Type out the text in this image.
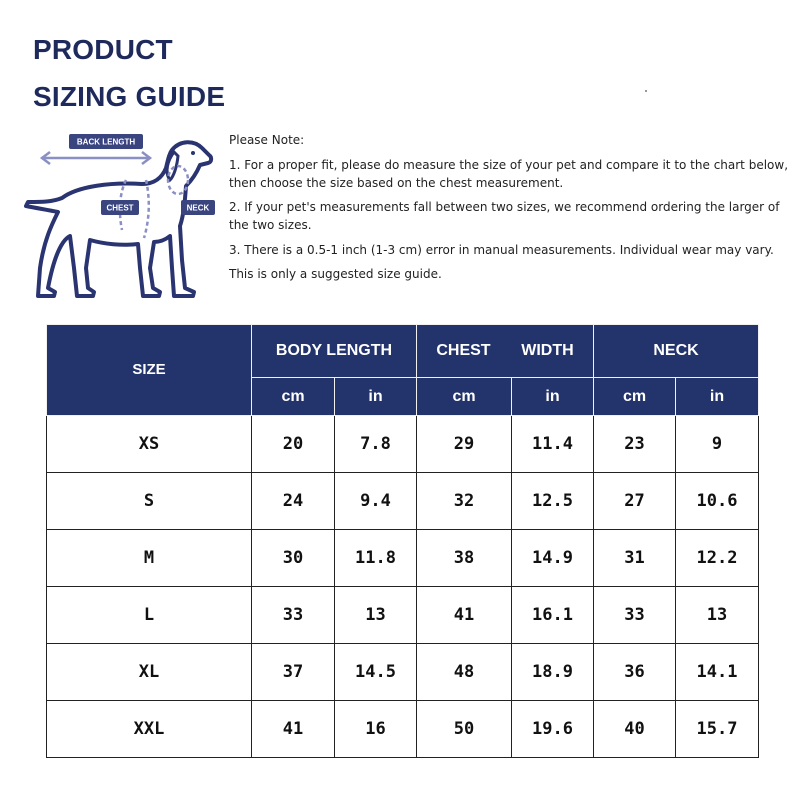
PRODUCT
SIZING GUIDE
BACK LENGTH
CHEST	NECK

Please Note:

1. For a proper fit, please do measure the size of your pet and compare it to the chart below, then choose the size based on the chest measurement.

2. If your pet's measurements fall between two sizes, we recommend ordering the larger of the two sizes.

3. There is a 0.5-1 inch (1-3 cm) error in manual measurements. Individual wear may vary.

This is only a suggested size guide.

SIZE	BODY LENGTH		CHEST WIDTH		NECK	
	cm	in	cm	in	cm	in
XS	20	7.8	29	11.4	23	9
S	24	9.4	32	12.5	27	10.6
M	30	11.8	38	14.9	31	12.2
L	33	13	41	16.1	33	13
XL	37	14.5	48	18.9	36	14.1
XXL	41	16	50	19.6	40	15.7
